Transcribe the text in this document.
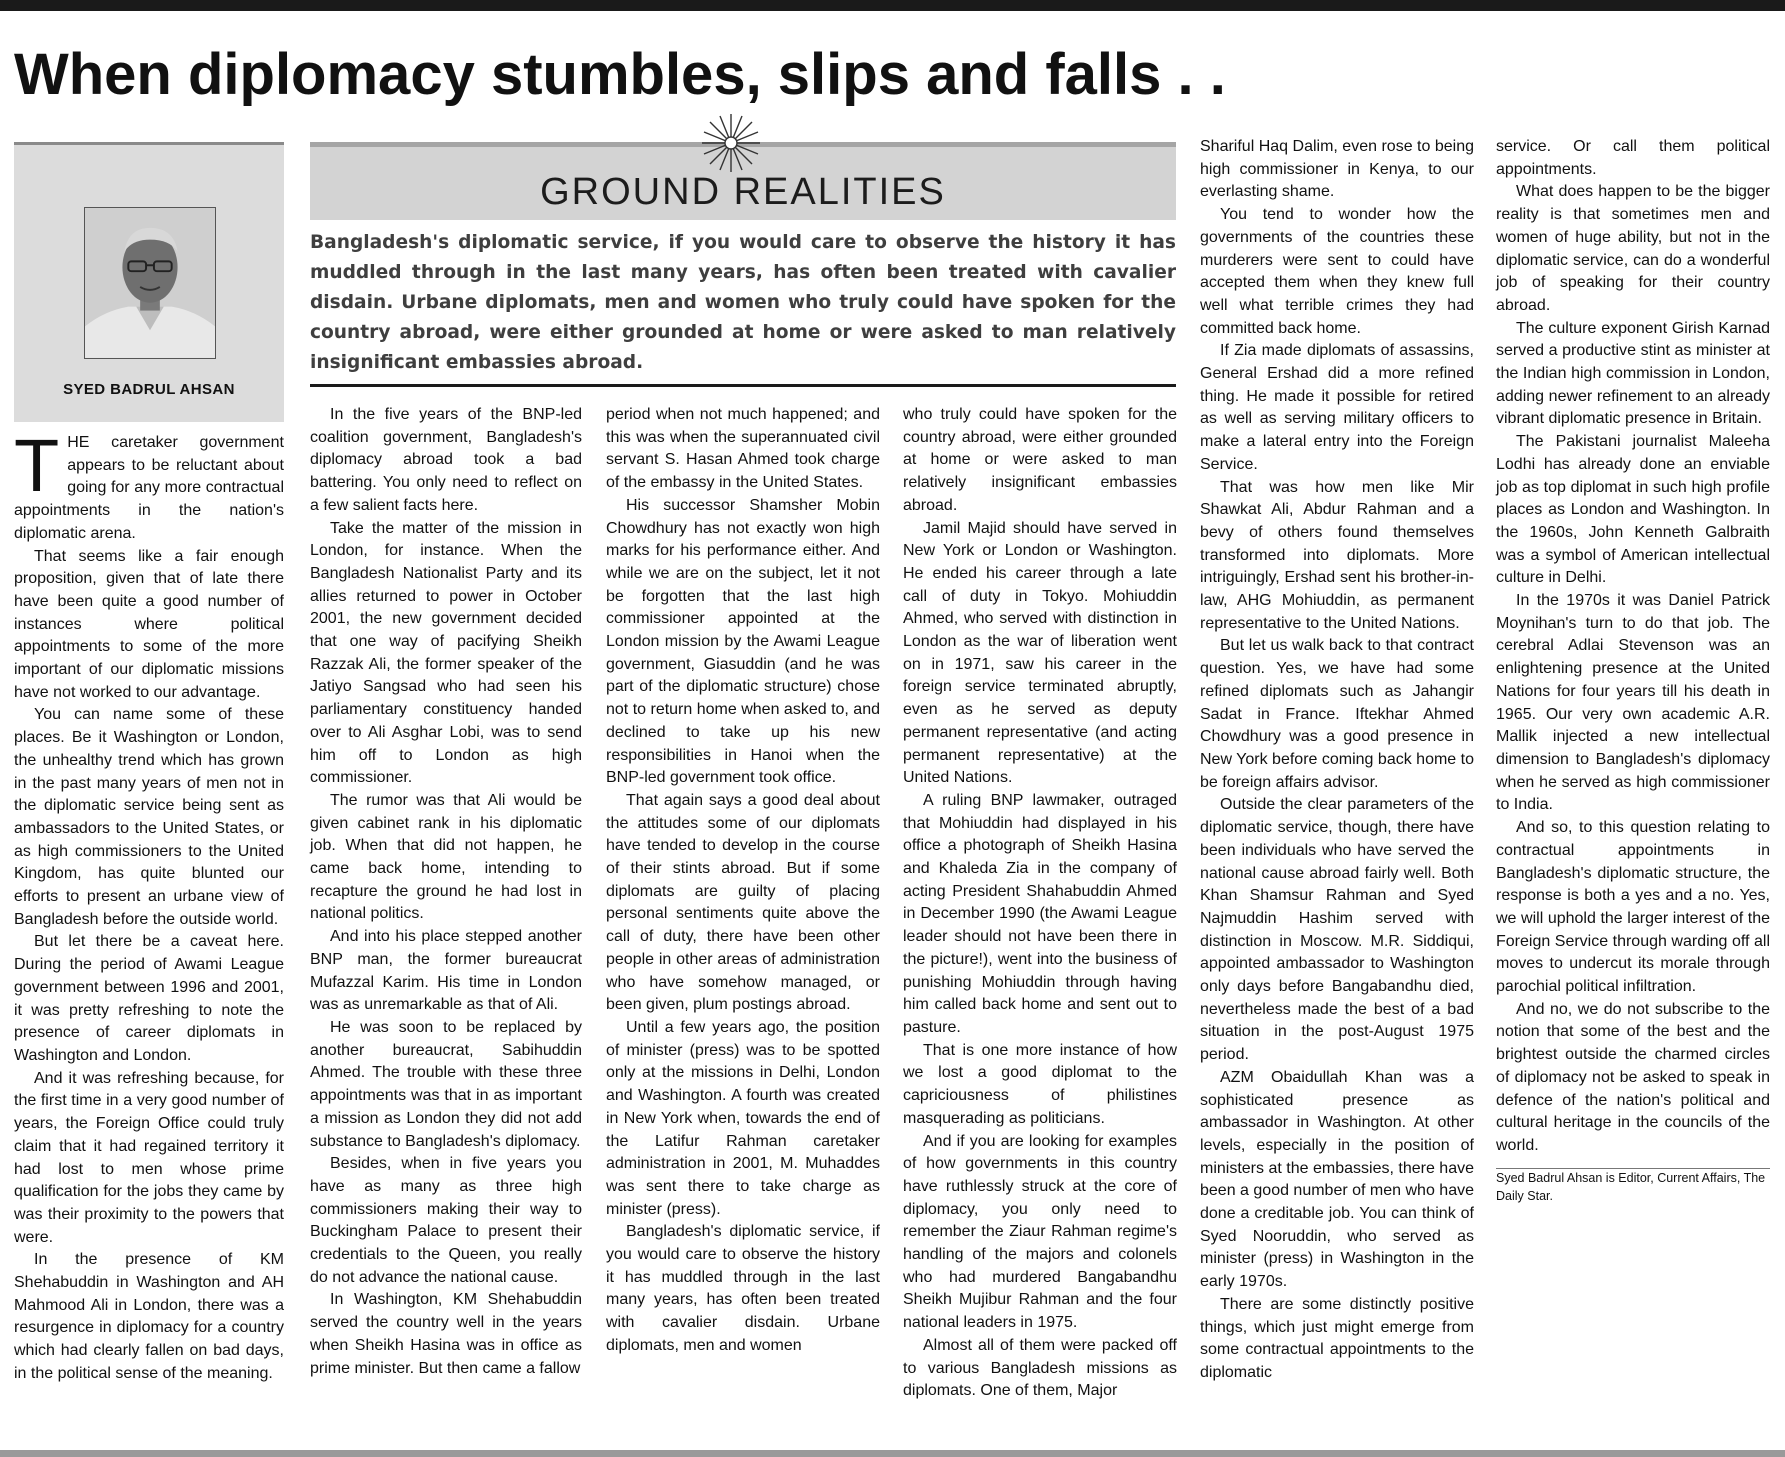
When diplomacy stumbles, slips and falls . .
SYED BADRUL AHSAN
GROUND REALITIES
Bangladesh's diplomatic service, if you would care to observe the history it has muddled through in the last many years, has often been treated with cavalier disdain. Urbane diplomats, men and women who truly could have spoken for the country abroad, were either grounded at home or were asked to man relatively insignificant embassies abroad.

THE caretaker government appears to be reluctant about going for any more contractual appointments in the nation's diplomatic arena.

That seems like a fair enough proposition, given that of late there have been quite a good number of instances where political appointments to some of the more important of our diplomatic missions have not worked to our advantage.

You can name some of these places. Be it Washington or London, the unhealthy trend which has grown in the past many years of men not in the diplomatic service being sent as ambassadors to the United States, or as high commissioners to the United Kingdom, has quite blunted our efforts to present an urbane view of Bangladesh before the outside world.

But let there be a caveat here. During the period of Awami League government between 1996 and 2001, it was pretty refreshing to note the presence of career diplomats in Washington and London.

And it was refreshing because, for the first time in a very good number of years, the Foreign Office could truly claim that it had regained territory it had lost to men whose prime qualification for the jobs they came by was their proximity to the powers that were.

In the presence of KM Shehabuddin in Washington and AH Mahmood Ali in London, there was a resurgence in diplomacy for a country which had clearly fallen on bad days, in the political sense of the meaning.

In the five years of the BNP-led coalition government, Bangladesh's diplomacy abroad took a bad battering. You only need to reflect on a few salient facts here.

Take the matter of the mission in London, for instance. When the Bangladesh Nationalist Party and its allies returned to power in October 2001, the new government decided that one way of pacifying Sheikh Razzak Ali, the former speaker of the Jatiyo Sangsad who had seen his parliamentary constituency handed over to Ali Asghar Lobi, was to send him off to London as high commissioner.

The rumor was that Ali would be given cabinet rank in his diplomatic job. When that did not happen, he came back home, intending to recapture the ground he had lost in national politics.

And into his place stepped another BNP man, the former bureaucrat Mufazzal Karim. His time in London was as unremarkable as that of Ali.

He was soon to be replaced by another bureaucrat, Sabihuddin Ahmed. The trouble with these three appointments was that in as important a mission as London they did not add substance to Bangladesh's diplomacy.

Besides, when in five years you have as many as three high commissioners making their way to Buckingham Palace to present their credentials to the Queen, you really do not advance the national cause.

In Washington, KM Shehabuddin served the country well in the years when Sheikh Hasina was in office as prime minister. But then came a fallow

period when not much happened; and this was when the superannuated civil servant S. Hasan Ahmed took charge of the embassy in the United States.

His successor Shamsher Mobin Chowdhury has not exactly won high marks for his performance either. And while we are on the subject, let it not be forgotten that the last high commissioner appointed at the London mission by the Awami League government, Giasuddin (and he was part of the diplomatic structure) chose not to return home when asked to, and declined to take up his new responsibilities in Hanoi when the BNP-led government took office.

That again says a good deal about the attitudes some of our diplomats have tended to develop in the course of their stints abroad. But if some diplomats are guilty of placing personal sentiments quite above the call of duty, there have been other people in other areas of administration who have somehow managed, or been given, plum postings abroad.

Until a few years ago, the position of minister (press) was to be spotted only at the missions in Delhi, London and Washington. A fourth was created in New York when, towards the end of the Latifur Rahman caretaker administration in 2001, M. Muhaddes was sent there to take charge as minister (press).

Bangladesh's diplomatic service, if you would care to observe the history it has muddled through in the last many years, has often been treated with cavalier disdain. Urbane diplomats, men and women

who truly could have spoken for the country abroad, were either grounded at home or were asked to man relatively insignificant embassies abroad.

Jamil Majid should have served in New York or London or Washington. He ended his career through a late call of duty in Tokyo. Mohiuddin Ahmed, who served with distinction in London as the war of liberation went on in 1971, saw his career in the foreign service terminated abruptly, even as he served as deputy permanent representative (and acting permanent representative) at the United Nations.

A ruling BNP lawmaker, outraged that Mohiuddin had displayed in his office a photograph of Sheikh Hasina and Khaleda Zia in the company of acting President Shahabuddin Ahmed in December 1990 (the Awami League leader should not have been there in the picture!), went into the business of punishing Mohiuddin through having him called back home and sent out to pasture.

That is one more instance of how we lost a good diplomat to the capriciousness of philistines masquerading as politicians.

And if you are looking for examples of how governments in this country have ruthlessly struck at the core of diplomacy, you only need to remember the Ziaur Rahman regime's handling of the majors and colonels who had murdered Bangabandhu Sheikh Mujibur Rahman and the four national leaders in 1975.

Almost all of them were packed off to various Bangladesh missions as diplomats. One of them, Major

Shariful Haq Dalim, even rose to being high commissioner in Kenya, to our everlasting shame.

You tend to wonder how the governments of the countries these murderers were sent to could have accepted them when they knew full well what terrible crimes they had committed back home.

If Zia made diplomats of assassins, General Ershad did a more refined thing. He made it possible for retired as well as serving military officers to make a lateral entry into the Foreign Service.

That was how men like Mir Shawkat Ali, Abdur Rahman and a bevy of others found themselves transformed into diplomats. More intriguingly, Ershad sent his brother-in-law, AHG Mohiuddin, as permanent representative to the United Nations.

But let us walk back to that contract question. Yes, we have had some refined diplomats such as Jahangir Sadat in France. Iftekhar Ahmed Chowdhury was a good presence in New York before coming back home to be foreign affairs advisor.

Outside the clear parameters of the diplomatic service, though, there have been individuals who have served the national cause abroad fairly well. Both Khan Shamsur Rahman and Syed Najmuddin Hashim served with distinction in Moscow. M.R. Siddiqui, appointed ambassador to Washington only days before Bangabandhu died, nevertheless made the best of a bad situation in the post-August 1975 period.

AZM Obaidullah Khan was a sophisticated presence as ambassador in Washington. At other levels, especially in the position of ministers at the embassies, there have been a good number of men who have done a creditable job. You can think of Syed Nooruddin, who served as minister (press) in Washington in the early 1970s.

There are some distinctly positive things, which just might emerge from some contractual appointments to the diplomatic

service. Or call them political appointments.

What does happen to be the bigger reality is that sometimes men and women of huge ability, but not in the diplomatic service, can do a wonderful job of speaking for their country abroad.

The culture exponent Girish Karnad served a productive stint as minister at the Indian high commission in London, adding newer refinement to an already vibrant diplomatic presence in Britain.

The Pakistani journalist Maleeha Lodhi has already done an enviable job as top diplomat in such high profile places as London and Washington. In the 1960s, John Kenneth Galbraith was a symbol of American intellectual culture in Delhi.

In the 1970s it was Daniel Patrick Moynihan's turn to do that job. The cerebral Adlai Stevenson was an enlightening presence at the United Nations for four years till his death in 1965. Our very own academic A.R. Mallik injected a new intellectual dimension to Bangladesh's diplomacy when he served as high commissioner to India.

And so, to this question relating to contractual appointments in Bangladesh's diplomatic structure, the response is both a yes and a no. Yes, we will uphold the larger interest of the Foreign Service through warding off all moves to undercut its morale through parochial political infiltration.

And no, we do not subscribe to the notion that some of the best and the brightest outside the charmed circles of diplomacy not be asked to speak in defence of the nation's political and cultural heritage in the councils of the world.

Syed Badrul Ahsan is Editor, Current Affairs, The Daily Star.
